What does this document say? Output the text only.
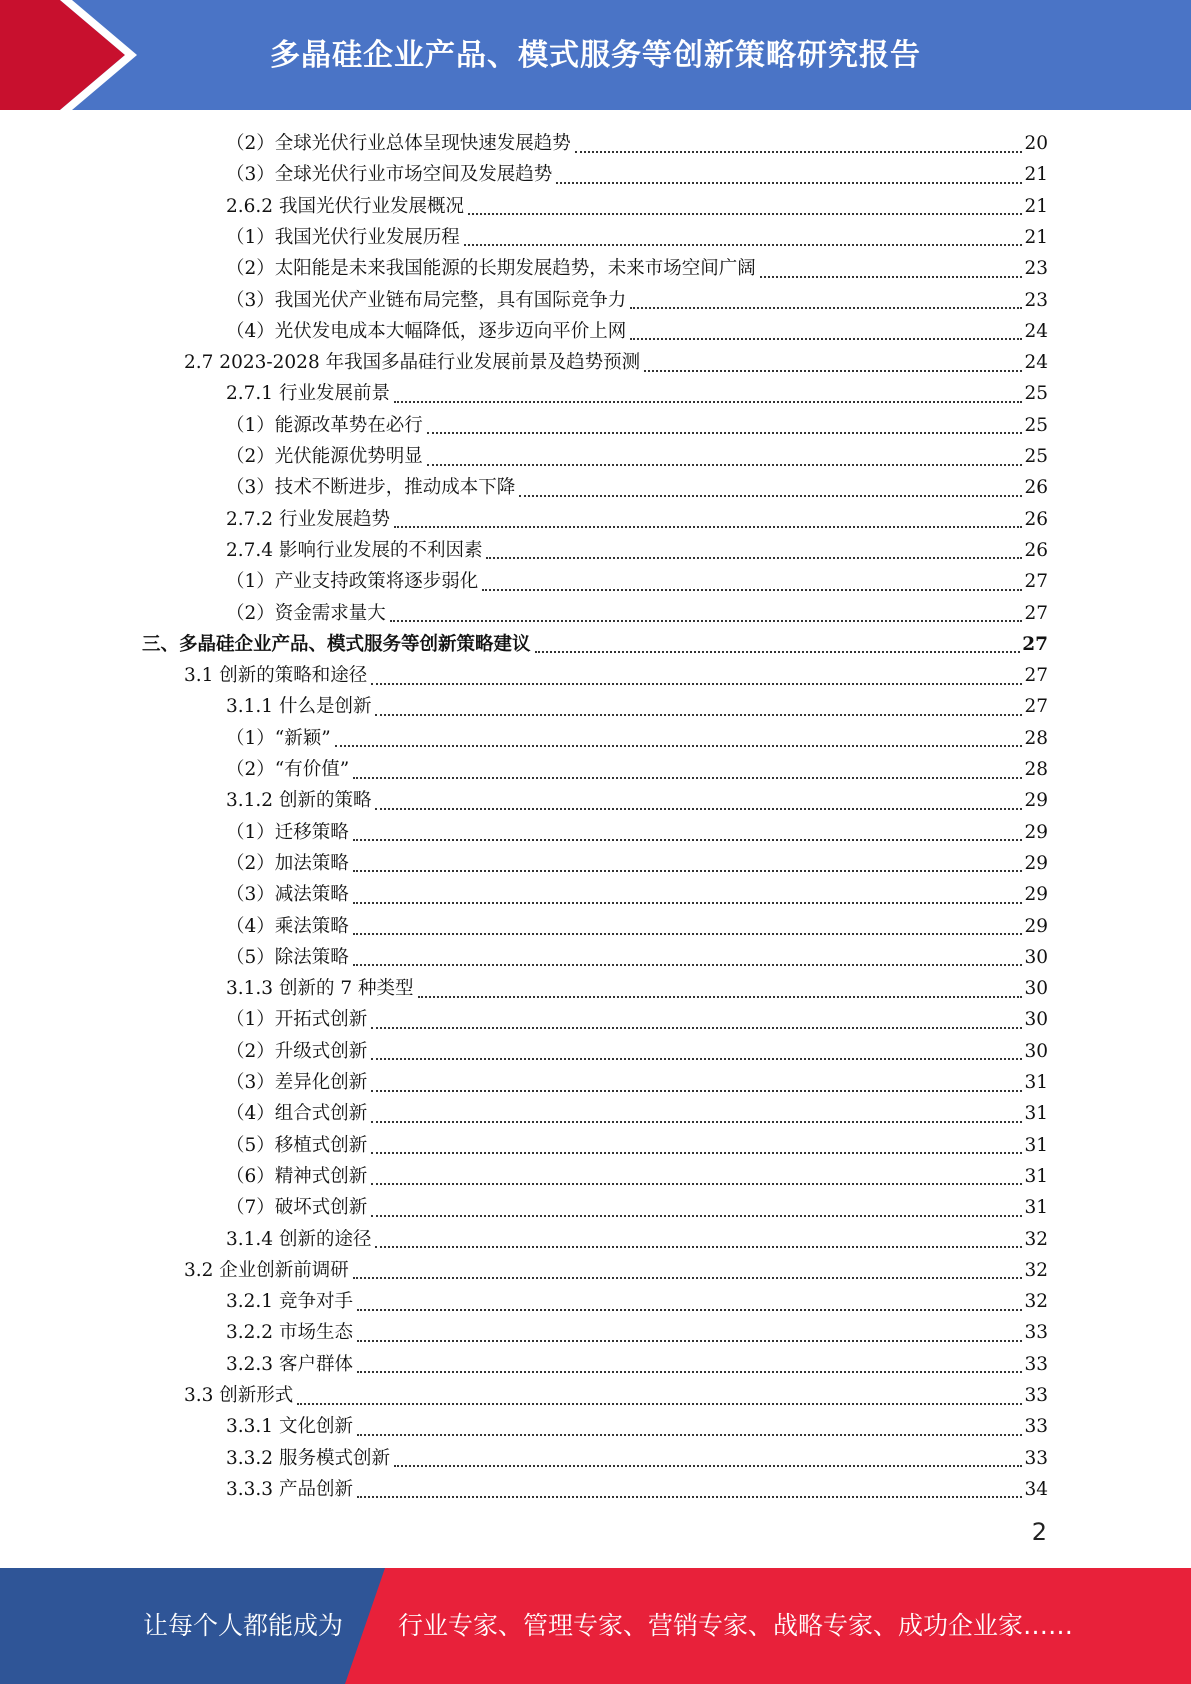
多晶硅企业产品、模式服务等创新策略研究报告
（2）全球光伏行业总体呈现快速发展趋势	20
（3）全球光伏行业市场空间及发展趋势	21
2.6.2 我国光伏行业发展概况	21
（1）我国光伏行业发展历程	21
（2）太阳能是未来我国能源的长期发展趋势，未来市场空间广阔	23
（3）我国光伏产业链布局完整，具有国际竞争力	23
（4）光伏发电成本大幅降低，逐步迈向平价上网	24
2.7 2023-2028 年我国多晶硅行业发展前景及趋势预测	24
2.7.1 行业发展前景	25
（1）能源改革势在必行	25
（2）光伏能源优势明显	25
（3）技术不断进步，推动成本下降	26
2.7.2 行业发展趋势	26
2.7.4 影响行业发展的不利因素	26
（1）产业支持政策将逐步弱化	27
（2）资金需求量大	27
三、多晶硅企业产品、模式服务等创新策略建议	27
3.1 创新的策略和途径	27
3.1.1 什么是创新	27
（1）“新颖”	28
（2）“有价值”	28
3.1.2 创新的策略	29
（1）迁移策略	29
（2）加法策略	29
（3）减法策略	29
（4）乘法策略	29
（5）除法策略	30
3.1.3 创新的 7 种类型	30
（1）开拓式创新	30
（2）升级式创新	30
（3）差异化创新	31
（4）组合式创新	31
（5）移植式创新	31
（6）精神式创新	31
（7）破坏式创新	31
3.1.4 创新的途径	32
3.2 企业创新前调研	32
3.2.1 竞争对手	32
3.2.2 市场生态	33
3.2.3 客户群体	33
3.3 创新形式	33
3.3.1 文化创新	33
3.3.2 服务模式创新	33
3.3.3 产品创新	34
2
让每个人都能成为 行业专家、管理专家、营销专家、战略专家、成功企业家……
